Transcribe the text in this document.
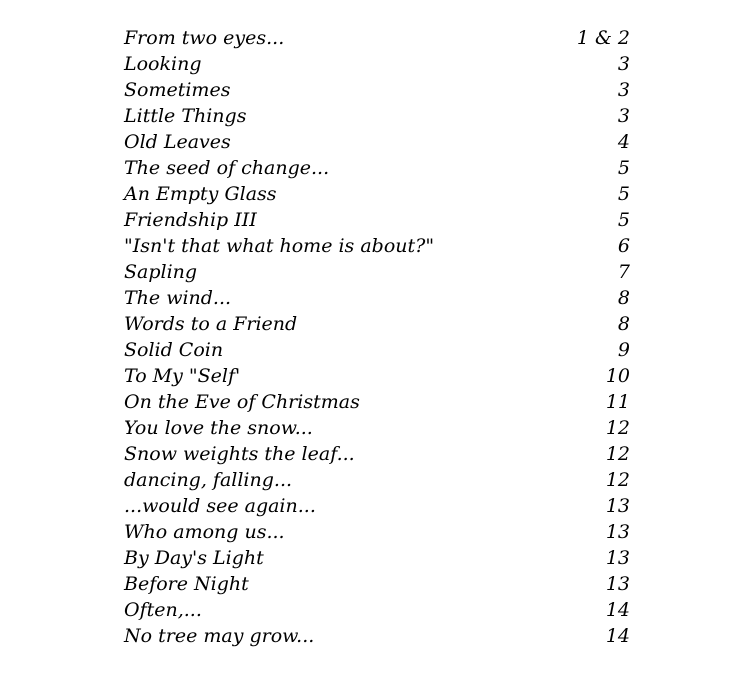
From two eyes...	1 & 2
Looking	3
Sometimes	3
Little Things	3
Old Leaves	4
The seed of change...	5
An Empty Glass	5
Friendship III	5
"Isn't that what home is about?"	6
Sapling	7
The wind...	8
Words to a Friend	8
Solid Coin	9
To My "Self'	10
On the Eve of Christmas	11
You love the snow...	12
Snow weights the leaf...	12
dancing, falling...	12
...would see again...	13
Who among us...	13
By Day's Light	13
Before Night	13
Often,...	14
No tree may grow...	14
